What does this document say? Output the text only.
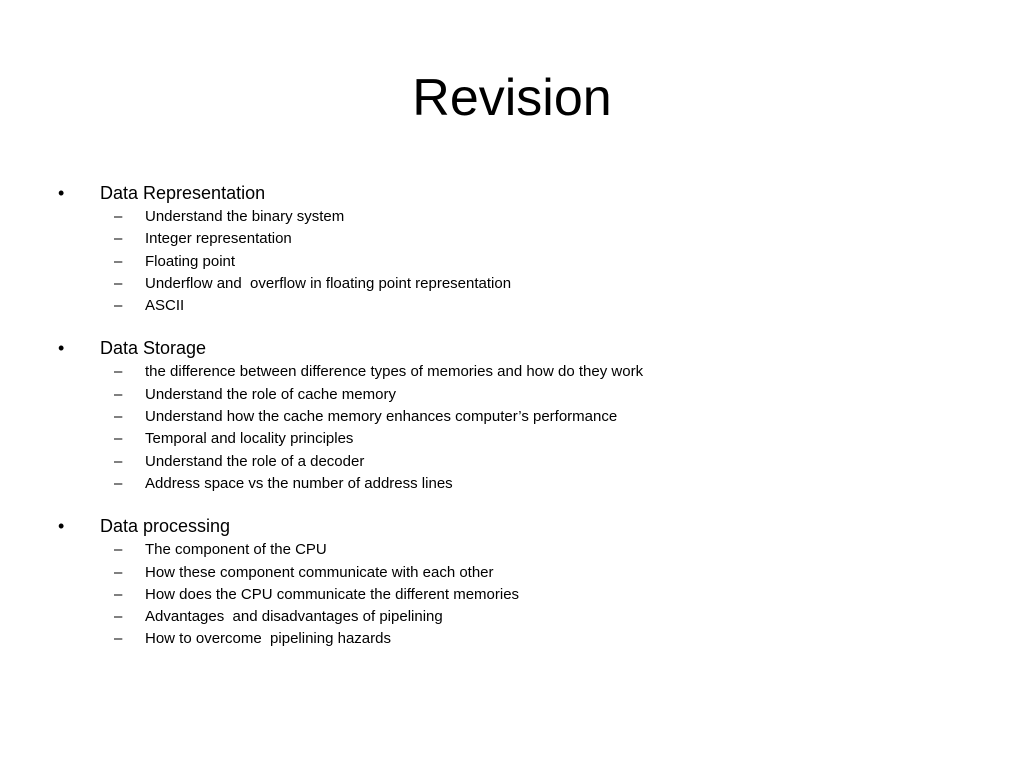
Revision
•	Data Representation
– Understand the binary system
– Integer representation
– Floating point
– Underflow and  overflow in floating point representation
– ASCII
•	Data Storage
– the difference between difference types of memories and how do they work
– Understand the role of cache memory
– Understand how the cache memory enhances computer’s performance
– Temporal and locality principles
– Understand the role of a decoder
– Address space vs the number of address lines
•	Data processing
– The component of the CPU
– How these component communicate with each other
– How does the CPU communicate the different memories
– Advantages  and disadvantages of pipelining
– How to overcome  pipelining hazards
